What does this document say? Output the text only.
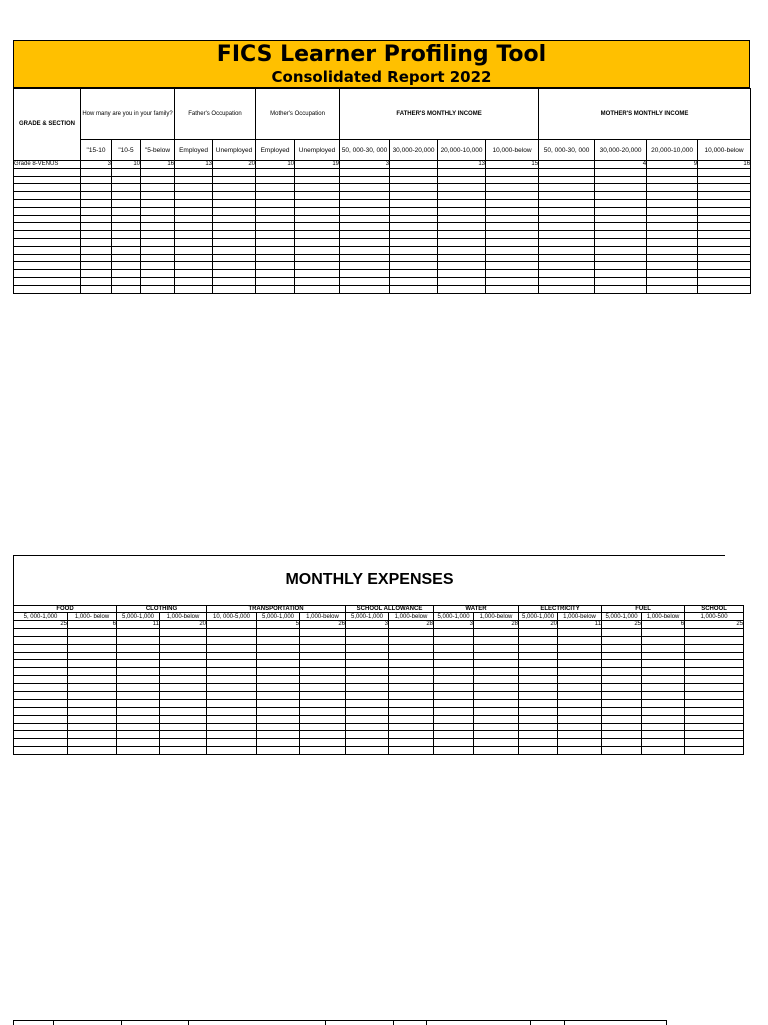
FICS Learner Profiling Tool
Consolidated Report 2022
GRADE & SECTION	How many are you in your family?			Father's Occupation		Mother's Occupation		FATHER'S MONTHLY INCOME				MOTHER'S MONTHLY INCOME			
	"15-10	"10-5	"5-below	Employed	Unemployed	Employed	Unemployed	50, 000-30, 000	30,000-20,000	20,000-10,000	10,000-below	50, 000-30, 000	30,000-20,000	20,000-10,000	10,000-below
Grade 8-VENUS	3	10	16	13	20	10	19	3		13	15		4	9	16

MONTHLY EXPENSES
FOOD		CLOTHING		TRANSPORTATION			SCHOOL ALLOWANCE		WATER		ELECTRICITY		FUEL		SCHOOL
5, 000-1,000	1,000- below	5,000-1,000	1,000-below	10, 000-5,000	5,000-1,000	1,000-below	5,000-1,000	1,000-below	5,000-1,000	1,000-below	5,000-1,000	1,000-below	5,000-1,000	1,000-below	1,000-500
25	6	11	20		5	26	3	28	3	28	20	11	25	6	25
